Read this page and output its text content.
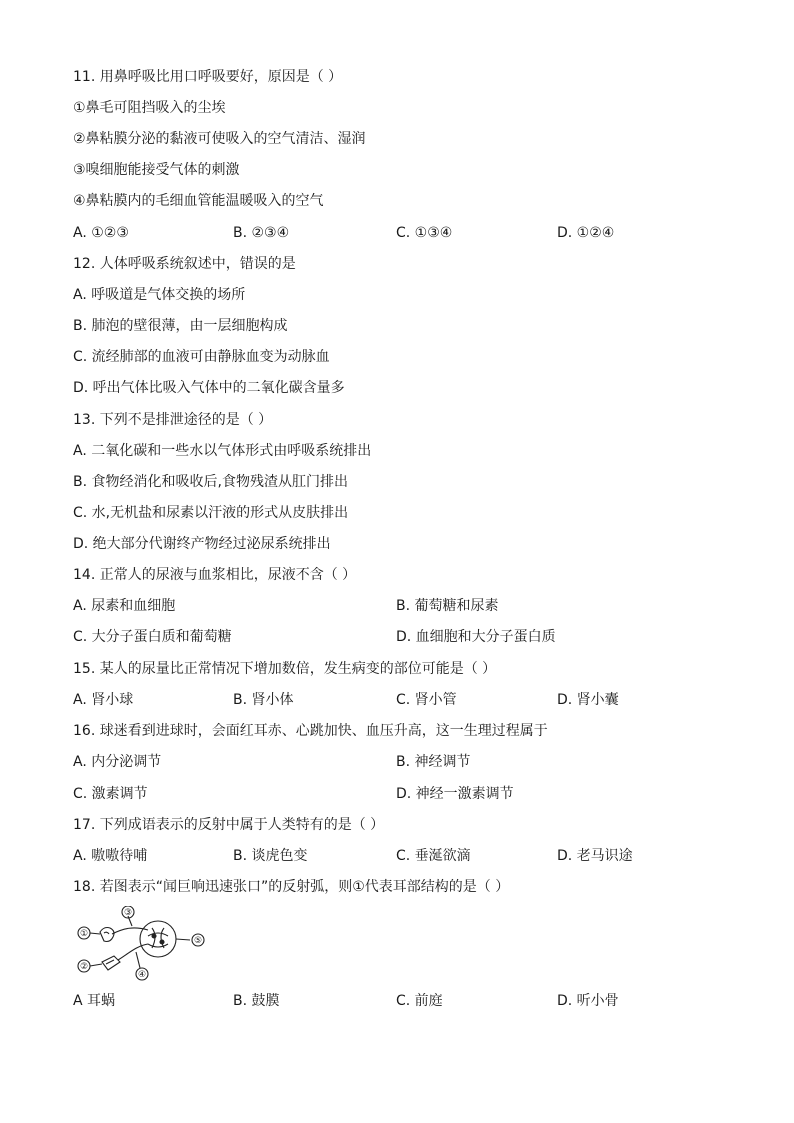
11. 用鼻呼吸比用口呼吸要好，原因是（ ）
①鼻毛可阻挡吸入的尘埃
②鼻粘膜分泌的黏液可使吸入的空气清洁、湿润
③嗅细胞能接受气体的刺激
④鼻粘膜内的毛细血管能温暖吸入的空气
A. ①②③	B. ②③④	C. ①③④	D. ①②④
12. 人体呼吸系统叙述中，错误的是
A. 呼吸道是气体交换的场所
B. 肺泡的壁很薄，由一层细胞构成
C. 流经肺部的血液可由静脉血变为动脉血
D. 呼出气体比吸入气体中的二氧化碳含量多
13. 下列不是排泄途径的是（ ）
A. 二氧化碳和一些水以气体形式由呼吸系统排出
B. 食物经消化和吸收后,食物残渣从肛门排出
C. 水,无机盐和尿素以汗液的形式从皮肤排出
D. 绝大部分代谢终产物经过泌尿系统排出
14. 正常人的尿液与血浆相比，尿液不含（ ）
A. 尿素和血细胞	B. 葡萄糖和尿素
C. 大分子蛋白质和葡萄糖	D. 血细胞和大分子蛋白质
15. 某人的尿量比正常情况下增加数倍，发生病变的部位可能是（ ）
A. 肾小球	B. 肾小体	C. 肾小管	D. 肾小囊
16. 球迷看到进球时，会面红耳赤、心跳加快、血压升高，这一生理过程属于
A. 内分泌调节	B. 神经调节
C. 激素调节	D. 神经一激素调节
17. 下列成语表示的反射中属于人类特有的是（ ）
A. 嗷嗷待哺	B. 谈虎色变	C. 垂涎欲滴	D. 老马识途
18. 若图表示“闻巨响迅速张口”的反射弧，则①代表耳部结构的是（ ）
①
②
③
④
⑤
A 耳蜗	B. 鼓膜	C. 前庭	D. 听小骨
